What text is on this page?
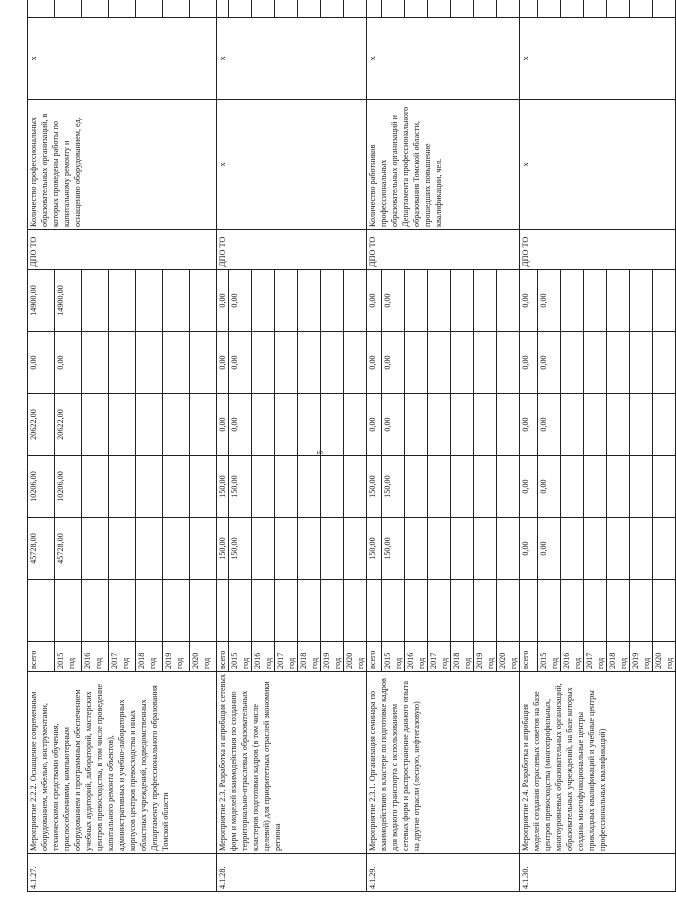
4.1.27.	Мероприятие 2.2.2. Оснащение современным оборудованием, мебелью, инструментами, техническими средствами обучения, приспособлениями, компьютерным оборудованием и программным обеспечением учебных аудиторий, лабораторий, мастерских центров превосходства, в том числе проведение капитального ремонта объектов), административных и учебно-лабораторных корпусов центров превосходства и иных областных учреждений, подведомственных Департаменту профессионального образования Томской области	всего		45728,00	10206,00	20622,00	0,00	14900,00	ДПО ТО	Количество профессиональных образовательных организаций, в которых проведены работы по капитальному ремонту и оснащению оборудованием, ед.	x	
		2015 год		45728,00	10206,00	20622,00	0,00	14900,00	
		2016 год										
		2017 год										
		2018 год										
		2019 год										
		2020 год										
4.1.28.	Мероприятие 2.3. Разработка и апробация сетевых форм и моделей взаимодействия по созданию территориально-отраслевых образовательных кластеров подготовки кадров (в том числе целевой) для приоритетных отраслей экономики региона	всего		150,00	150,00	0,00	0,00	0,00	ДПО ТО	x	x	
		2015 год		150,00	150,00	0,00	0,00	0,00				
		2016 год										
		2017 год										
		2018 год										
		2019 год										
		2020 год										
4.1.29.	Мероприятие 2.3.1. Организация семинара по взаимодействию в кластере по подготовке кадров для водного транспорта с использованием сетевых форм и распространение данного опыта на другие отрасли (лесную, нефтегазовую)	всего		150,00	150,00	0,00	0,00	0,00	ДПО ТО	Количество работников профессиональных образовательных организаций и Департамента профессионального образования Томской области, прошедших повышение квалификации, чел.	x	
		2015 год		150,00	150,00	0,00	0,00	0,00	
		2016 год										
		2017 год										
		2018 год										
		2019 год										
		2020 год										
4.1.30.	Мероприятие 2.4. Разработка и апробация моделей создания отраслевых советов на базе центров превосходства (многопрофильных, многоуровневых образовательных организаций, образовательных учреждений, на базе которых созданы многофункциональные центры прикладных квалификаций и учебные центры профессиональных квалификаций)	всего		0,00	0,00	0,00	0,00	0,00	ДПО ТО	x	x	
		2015 год		0,00	0,00	0,00	0,00	0,00				
		2016 год										
		2017 год										
		2018 год										
		2019 год										
		2020 год										
5
